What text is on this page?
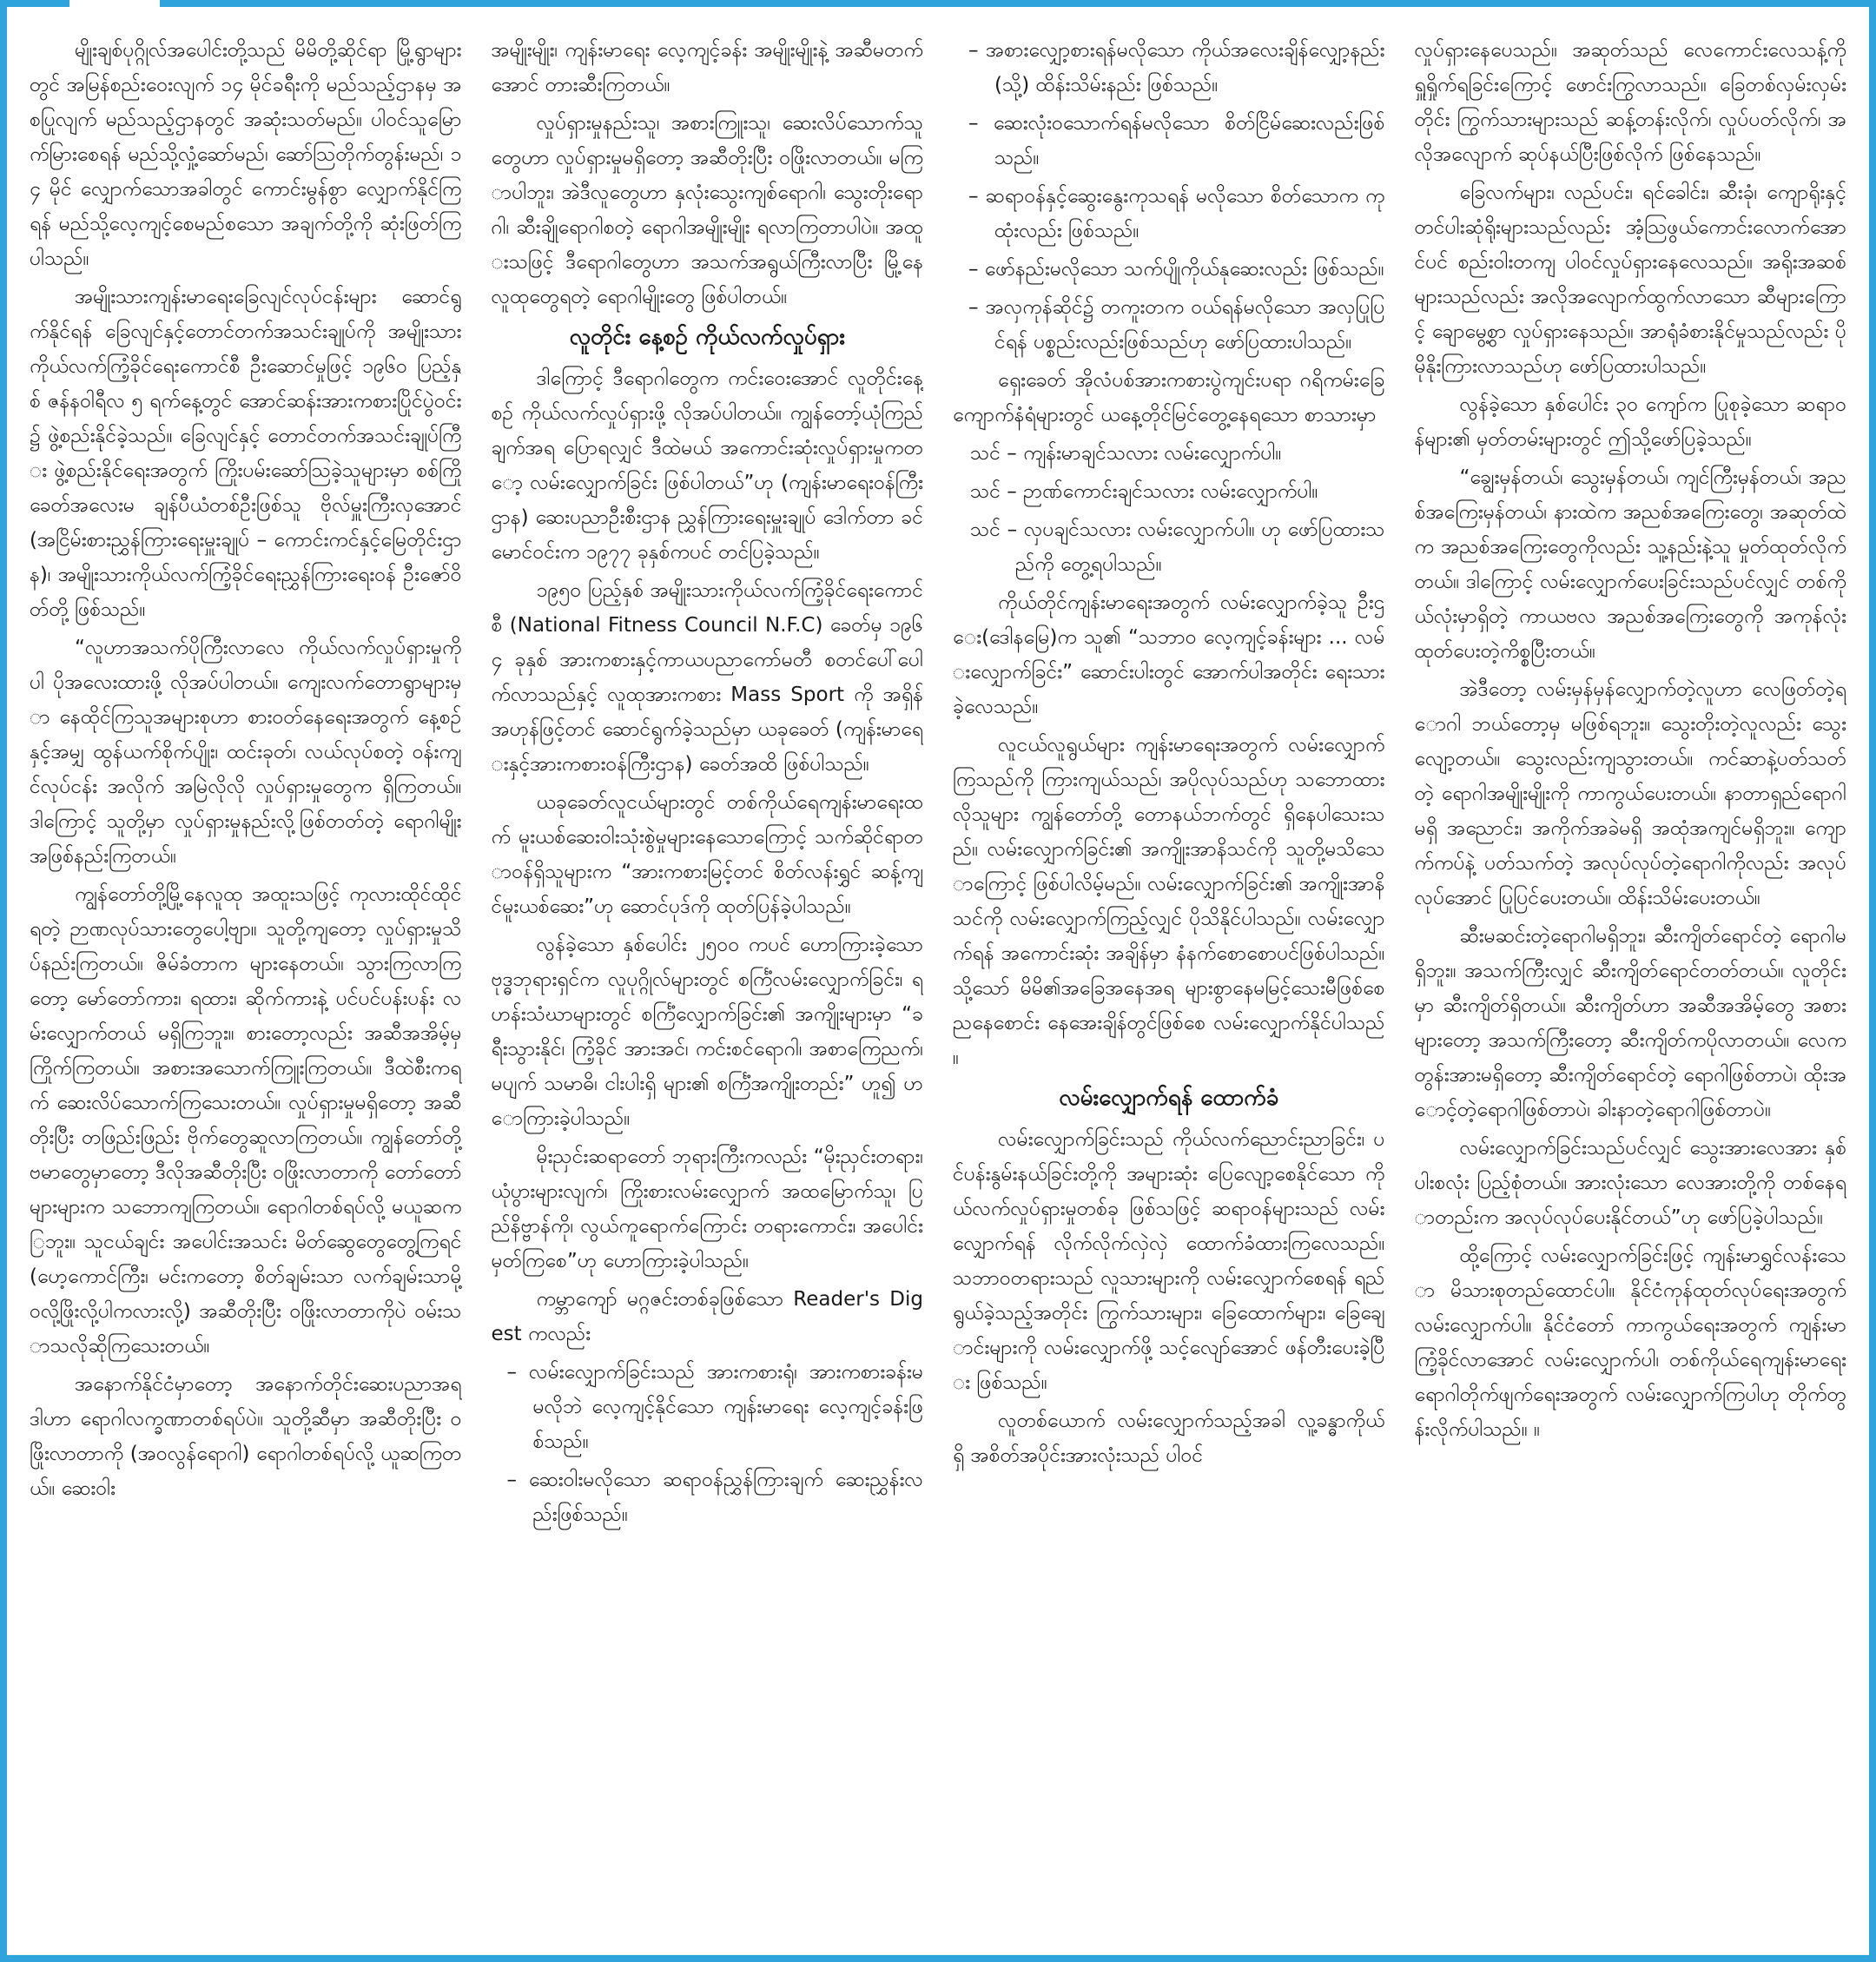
မျိုးချစ်ပုဂ္ဂိုလ်အပေါင်းတို့သည် မိမိတို့ဆိုင်ရာ မြို့ရွာများတွင် အမြန်စည်းဝေးလျက် ၁၄ မိုင်ခရီးကို မည်သည့်ဌာနမှ အစပြုလျက် မည်သည့်ဌာနတွင် အဆုံးသတ်မည်။ ပါဝင်သူမြောက်မြားစေရန် မည်သို့လှုံ့ဆော်မည်၊ ဆော်သြတိုက်တွန်းမည်၊ ၁၄ မိုင် လျှောက်သောအခါတွင် ကောင်းမွန်စွာ လျှောက်နိုင်ကြရန် မည်သို့လေ့ကျင့်စေမည်စသော အချက်တို့ကို ဆုံးဖြတ်ကြပါသည်။

အမျိုးသားကျန်းမာရေးခြေလျင်လုပ်ငန်းများ ဆောင်ရွက်နိုင်ရန် ခြေလျင်နှင့်တောင်တက်အသင်းချုပ်ကို အမျိုးသားကိုယ်လက်ကြံ့ခိုင်ရေးကောင်စီ ဦးဆောင်မှုဖြင့် ၁၉၆၀ ပြည့်နှစ် ဇန်နဝါရီလ ၅ ရက်နေ့တွင် အောင်ဆန်းအားကစားပြိုင်ပွဲဝင်း၌ ဖွဲ့စည်းနိုင်ခဲ့သည်။ ခြေလျင်နှင့် တောင်တက်အသင်းချုပ်ကြီး ဖွဲ့စည်းနိုင်ရေးအတွက် ကြိုးပမ်းဆော်သြခဲ့သူများမှာ စစ်ကြိုခေတ်အလေးမ ချန်ပီယံတစ်ဦးဖြစ်သူ ဗိုလ်မှူးကြီးလှအောင် (အငြိမ်းစားညွှန်ကြားရေးမှူးချုပ် – ကောင်းကင်နှင့်မြေတိုင်းဌာန)၊ အမျိုးသားကိုယ်လက်ကြံ့ခိုင်ရေးညွှန်ကြားရေးဝန် ဦးဇော်ဝိတ်တို့ ဖြစ်သည်။

“လူဟာအသက်ပိုကြီးလာလေ ကိုယ်လက်လှုပ်ရှားမှုကိုပါ ပိုအလေးထားဖို့ လိုအပ်ပါတယ်။ ကျေးလက်တောရွာများမှာ နေထိုင်ကြသူအများစုဟာ စားဝတ်နေရေးအတွက် နေ့စဉ်နှင့်အမျှ ထွန်ယက်စိုက်ပျိုး၊ ထင်းခုတ်၊ လယ်လုပ်စတဲ့ ဝန်းကျင်လုပ်ငန်း အလိုက် အမြဲလိုလို လှုပ်ရှားမှုတွေက ရှိကြတယ်။ ဒါကြောင့် သူတို့မှာ လှုပ်ရှားမှုနည်းလို့ဖြစ်တတ်တဲ့ ရောဂါမျိုး အဖြစ်နည်းကြတယ်။

ကျွန်တော်တို့မြို့နေလူထု အထူးသဖြင့် ကုလားထိုင်ထိုင်ရတဲ့ ဉာဏလုပ်သားတွေပေါ့ဗျာ။ သူတို့ကျတော့ လှုပ်ရှားမှုသိပ်နည်းကြတယ်။ ဇိမ်ခံတာက များနေတယ်။ သွားကြလာကြတော့ မော်တော်ကား၊ ရထား၊ ဆိုက်ကားနဲ့ ပင်ပင်ပန်းပန်း လမ်းလျှောက်တယ် မရှိကြဘူး။ စားတော့လည်း အဆီအအိမ့်မှ ကြိုက်ကြတယ်။ အစားအသောက်ကြူးကြတယ်။ ဒီထဲစီးကရက် ဆေးလိပ်သောက်ကြသေးတယ်။ လှုပ်ရှားမှုမရှိတော့ အဆီတိုးပြီး တဖြည်းဖြည်း ဗိုက်တွေဆူလာကြတယ်။ ကျွန်တော်တို့ ဗမာတွေမှာတော့ ဒီလိုအဆီတိုးပြီး ဝဖြိုးလာတာကို တော်တော်များများက သဘောကျကြတယ်။ ရောဂါတစ်ရပ်လို့ မယူဆကြဘူး။ သူငယ်ချင်း အပေါင်းအသင်း မိတ်ဆွေတွေတွေ့ကြရင် (ဟေ့ကောင်ကြီး၊ မင်းကတော့ စိတ်ချမ်းသာ လက်ချမ်းသာမို့ ဝလို့ဖြိုးလို့ပါကလားလို့) အဆီတိုးပြီး ဝဖြိုးလာတာကိုပဲ ဝမ်းသာသလိုဆိုကြသေးတယ်။

အနောက်နိုင်ငံမှာတော့ အနောက်တိုင်းဆေးပညာအရ ဒါဟာ ရောဂါလက္ခဏာတစ်ရပ်ပဲ။ သူတို့ဆီမှာ အဆီတိုးပြီး ဝဖြိုးလာတာကို (အဝလွန်ရောဂါ) ရောဂါတစ်ရပ်လို့ ယူဆကြတယ်။ ဆေးဝါး

အမျိုးမျိုး၊ ကျန်းမာရေး လေ့ကျင့်ခန်း အမျိုးမျိုးနဲ့ အဆီမတက်အောင် တားဆီးကြတယ်။

လှုပ်ရှားမှုနည်းသူ၊ အစားကြူးသူ၊ ဆေးလိပ်သောက်သူတွေဟာ လှုပ်ရှားမှုမရှိတော့ အဆီတိုးပြီး ဝဖြိုးလာတယ်။ မကြာပါဘူး၊ အဲဒီလူတွေဟာ နှလုံးသွေးကျစ်ရောဂါ၊ သွေးတိုးရောဂါ၊ ဆီးချိုရောဂါစတဲ့ ရောဂါအမျိုးမျိုး ရလာကြတာပါပဲ။ အထူးသဖြင့် ဒီရောဂါတွေဟာ အသက်အရွယ်ကြီးလာပြီး မြို့နေလူထုတွေရတဲ့ ရောဂါမျိုးတွေ ဖြစ်ပါတယ်။

လူတိုင်း နေ့စဉ် ကိုယ်လက်လှုပ်ရှား

ဒါကြောင့် ဒီရောဂါတွေက ကင်းဝေးအောင် လူတိုင်းနေ့စဉ် ကိုယ်လက်လှုပ်ရှားဖို့ လိုအပ်ပါတယ်။ ကျွန်တော့်ယုံကြည်ချက်အရ ပြောရလျှင် ဒီထဲမယ် အကောင်းဆုံးလှုပ်ရှားမှုကတော့ လမ်းလျှောက်ခြင်း ဖြစ်ပါတယ်”ဟု (ကျန်းမာရေးဝန်ကြီးဌာန) ဆေးပညာဦးစီးဌာန ညွှန်ကြားရေးမှူးချုပ် ဒေါက်တာ ခင်မောင်ဝင်းက ၁၉၇၇ ခုနှစ်ကပင် တင်ပြခဲ့သည်။

၁၉၅၀ ပြည့်နှစ် အမျိုးသားကိုယ်လက်ကြံ့ခိုင်ရေးကောင်စီ (National Fitness Council N.F.C) ခေတ်မှ ၁၉၆၄ ခုနှစ် အားကစားနှင့်ကာယပညာကော်မတီ စတင်ပေါ်ပေါက်လာသည်နှင့် လူထုအားကစား Mass Sport ကို အရှိန်အဟုန်ဖြင့်တင် ဆောင်ရွက်ခဲ့သည်မှာ ယခုခေတ် (ကျန်းမာရေးနှင့်အားကစားဝန်ကြီးဌာန) ခေတ်အထိ ဖြစ်ပါသည်။

ယခုခေတ်လူငယ်များတွင် တစ်ကိုယ်ရေကျန်းမာရေးထက် မူးယစ်ဆေးဝါးသုံးစွဲမှုများနေသောကြောင့် သက်ဆိုင်ရာတာဝန်ရှိသူများက “အားကစားမြင့်တင် စိတ်လန်းရွှင် ဆန့်ကျင်မူးယစ်ဆေး”ဟု ဆောင်ပုဒ်ကို ထုတ်ပြန်ခဲ့ပါသည်။

လွန်ခဲ့သော နှစ်ပေါင်း ၂၅၀၀ ကပင် ဟောကြားခဲ့သော ဗုဒ္ဓဘုရားရှင်က လူပုဂ္ဂိုလ်များတွင် စင်္ကြံလမ်းလျှောက်ခြင်း၊ ရဟန်းသံဃာများတွင် စင်္ကြံလျှောက်ခြင်း၏ အကျိုးများမှာ “ခရီးသွားနိုင်၊ ကြံ့ခိုင် အားအင်၊ ကင်းစင်ရောဂါ၊ အစာကြေညက်၊ မပျက် သမာဓိ၊ ငါးပါးရှိ များ၏ စင်္ကြံအကျိုးတည်း” ဟူ၍ ဟောကြားခဲ့ပါသည်။

မိုးညှင်းဆရာတော် ဘုရားကြီးကလည်း “မိုးညှင်းတရား၊ ယုံပွားများလျက်၊ ကြိုးစားလမ်းလျှောက် အထမြောက်သူ၊ ပြည်နိဗ္ဗာန်ကို၊ လွယ်ကူရောက်ကြောင်း တရားကောင်း၊ အပေါင်းမှတ်ကြစေ”ဟု ဟောကြားခဲ့ပါသည်။

ကမ္ဘာကျော် မဂ္ဂဇင်းတစ်ခုဖြစ်သော Reader's Digest ကလည်း

– လမ်းလျှောက်ခြင်းသည် အားကစားရုံ၊ အားကစားခန်းမ မလိုဘဲ လေ့ကျင့်နိုင်သော ကျန်းမာရေး လေ့ကျင့်ခန်းဖြစ်သည်။

– ဆေးဝါးမလိုသော ဆရာဝန်ညွှန်ကြားချက် ဆေးညွှန်းလည်းဖြစ်သည်။

– အစားလျှော့စားရန်မလိုသော ကိုယ်အလေးချိန်လျှော့နည်း (သို့) ထိန်းသိမ်းနည်း ဖြစ်သည်။

– ဆေးလုံးဝသောက်ရန်မလိုသော စိတ်ငြိမ်ဆေးလည်းဖြစ်သည်။

– ဆရာဝန်နှင့်ဆွေးနွေးကုသရန် မလိုသော စိတ်သောက ကုထုံးလည်း ဖြစ်သည်။

– ဖော်နည်းမလိုသော သက်ပျိုကိုယ်နုဆေးလည်း ဖြစ်သည်။

– အလှကုန်ဆိုင်၌ တကူးတက ဝယ်ရန်မလိုသော အလှပြုပြင်ရန် ပစ္စည်းလည်းဖြစ်သည်ဟု ဖော်ပြထားပါသည်။

ရှေးခေတ် အိုလံပစ်အားကစားပွဲကျင်းပရာ ဂရိကမ်းခြေကျောက်နံရံများတွင် ယနေ့တိုင်မြင်တွေ့နေရသော စာသားမှာ

သင် – ကျန်းမာချင်သလား လမ်းလျှောက်ပါ။

သင် – ဉာဏ်ကောင်းချင်သလား လမ်းလျှောက်ပါ။

သင် – လှပချင်သလား လမ်းလျှောက်ပါ။ ဟု ဖော်ပြထားသည်ကို တွေ့ရပါသည်။

ကိုယ်တိုင်ကျန်းမာရေးအတွက် လမ်းလျှောက်ခဲ့သူ ဦးဌေး(ဒေါနမြေ)က သူ၏ “သဘာဝ လေ့ကျင့်ခန်းများ ... လမ်းလျှောက်ခြင်း” ဆောင်းပါးတွင် အောက်ပါအတိုင်း ရေးသားခဲ့လေသည်။

လူငယ်လူရွယ်များ ကျန်းမာရေးအတွက် လမ်းလျှောက်ကြသည်ကို ကြားကျယ်သည်၊ အပိုလုပ်သည်ဟု သဘောထားလိုသူများ ကျွန်တော်တို့ တောနယ်ဘက်တွင် ရှိနေပါသေးသည်။ လမ်းလျှောက်ခြင်း၏ အကျိုးအာနိသင်ကို သူတို့မသိသောကြောင့် ဖြစ်ပါလိမ့်မည်။ လမ်းလျှောက်ခြင်း၏ အကျိုးအာနိသင်ကို လမ်းလျှောက်ကြည့်လျှင် ပိုသိနိုင်ပါသည်။ လမ်းလျှောက်ရန် အကောင်းဆုံး အချိန်မှာ နံနက်စောစောပင်ဖြစ်ပါသည်။ သို့သော် မိမိ၏အခြေအနေအရ များစွာနေမမြင့်သေးမီဖြစ်စေ ညနေစောင်း နေအေးချိန်တွင်ဖြစ်စေ လမ်းလျှောက်နိုင်ပါသည်။

လမ်းလျှောက်ရန် ထောက်ခံ

လမ်းလျှောက်ခြင်းသည် ကိုယ်လက်ညောင်းညာခြင်း၊ ပင်ပန်းနွမ်းနယ်ခြင်းတို့ကို အများဆုံး ပြေလျော့စေနိုင်သော ကိုယ်လက်လှုပ်ရှားမှုတစ်ခု ဖြစ်သဖြင့် ဆရာဝန်များသည် လမ်းလျှောက်ရန် လိုက်လိုက်လှဲလှဲ ထောက်ခံထားကြလေသည်။ သဘာဝတရားသည် လူသားများကို လမ်းလျှောက်စေရန် ရည်ရွယ်ခဲ့သည့်အတိုင်း ကြွက်သားများ၊ ခြေထောက်များ၊ ခြေချောင်းများကို လမ်းလျှောက်ဖို့ သင့်လျော်အောင် ဖန်တီးပေးခဲ့ပြီး ဖြစ်သည်။

လူတစ်ယောက် လမ်းလျှောက်သည့်အခါ လူ့ခန္ဓာကိုယ်ရှိ အစိတ်အပိုင်းအားလုံးသည် ပါဝင်

လှုပ်ရှားနေပေသည်။ အဆုတ်သည် လေကောင်းလေသန့်ကို ရှူရှိုက်ရခြင်းကြောင့် ဖောင်းကြွလာသည်။ ခြေတစ်လှမ်းလှမ်းတိုင်း ကြွက်သားများသည် ဆန့်တန်းလိုက်၊ လှုပ်ပတ်လိုက်၊ အလိုအလျောက် ဆုပ်နယ်ပြီးဖြစ်လိုက် ဖြစ်နေသည်။

ခြေလက်များ၊ လည်ပင်း၊ ရင်ခေါင်း၊ ဆီးခုံ၊ ကျောရိုးနှင့် တင်ပါးဆုံရိုးများသည်လည်း အံ့သြဖွယ်ကောင်းလောက်အောင်ပင် စည်းဝါးတကျ ပါဝင်လှုပ်ရှားနေလေသည်။ အရိုးအဆစ်များသည်လည်း အလိုအလျောက်ထွက်လာသော ဆီများကြောင့် ချောမွေ့စွာ လှုပ်ရှားနေသည်။ အာရုံခံစားနိုင်မှုသည်လည်း ပိုမိုနိုးကြားလာသည်ဟု ဖော်ပြထားပါသည်။

လွန်ခဲ့သော နှစ်ပေါင်း ၃၀ ကျော်က ပြုစုခဲ့သော ဆရာဝန်များ၏ မှတ်တမ်းများတွင် ဤသို့ဖော်ပြခဲ့သည်။

“ချွေးမှန်တယ်၊ သွေးမှန်တယ်၊ ကျင်ကြီးမှန်တယ်၊ အညစ်အကြေးမှန်တယ်၊ နားထဲက အညစ်အကြေးတွေ၊ အဆုတ်ထဲက အညစ်အကြေးတွေကိုလည်း သူ့နည်းနဲ့သူ မှုတ်ထုတ်လိုက်တယ်။ ဒါကြောင့် လမ်းလျှောက်ပေးခြင်းသည်ပင်လျှင် တစ်ကိုယ်လုံးမှာရှိတဲ့ ကာယဗလ အညစ်အကြေးတွေကို အကုန်လုံး ထုတ်ပေးတဲ့ကိစ္စပြီးတယ်။

အဲဒီတော့ လမ်းမှန်မှန်လျှောက်တဲ့လူဟာ လေဖြတ်တဲ့ရောဂါ ဘယ်တော့မှ မဖြစ်ရဘူး။ သွေးတိုးတဲ့လူလည်း သွေးလျော့တယ်။ သွေးလည်းကျသွားတယ်။ ကင်ဆာနဲ့ပတ်သတ်တဲ့ ရောဂါအမျိုးမျိုးကို ကာကွယ်ပေးတယ်။ နာတာရှည်ရောဂါမရှိ အညောင်း၊ အကိုက်အခဲမရှိ အထုံအကျင်မရှိဘူး။ ကျောက်ကပ်နဲ့ ပတ်သက်တဲ့ အလုပ်လုပ်တဲ့ရောဂါကိုလည်း အလုပ်လုပ်အောင် ပြုပြင်ပေးတယ်။ ထိန်းသိမ်းပေးတယ်။

ဆီးမဆင်းတဲ့ရောဂါမရှိဘူး၊ ဆီးကျိတ်ရောင်တဲ့ ရောဂါမရှိဘူး။ အသက်ကြီးလျှင် ဆီးကျိတ်ရောင်တတ်တယ်။ လူတိုင်းမှာ ဆီးကျိတ်ရှိတယ်။ ဆီးကျိတ်ဟာ အဆီအအိမ့်တွေ အစားများတော့ အသက်ကြီးတော့ ဆီးကျိတ်ကပိုလာတယ်။ လေကတွန်းအားမရှိတော့ ဆီးကျိတ်ရောင်တဲ့ ရောဂါဖြစ်တာပဲ၊ ထိုးအောင့်တဲ့ရောဂါဖြစ်တာပဲ၊ ခါးနာတဲ့ရောဂါဖြစ်တာပဲ။

လမ်းလျှောက်ခြင်းသည်ပင်လျှင် သွေးအားလေအား နှစ်ပါးစလုံး ပြည့်စုံတယ်။ အားလုံးသော လေအားတို့ကို တစ်နေရာတည်းက အလုပ်လုပ်ပေးနိုင်တယ်”ဟု ဖော်ပြခဲ့ပါသည်။

ထို့ကြောင့် လမ်းလျှောက်ခြင်းဖြင့် ကျန်းမာရွှင်လန်းသော မိသားစုတည်ထောင်ပါ။ နိုင်ငံကုန်ထုတ်လုပ်ရေးအတွက် လမ်းလျှောက်ပါ။ နိုင်ငံတော် ကာကွယ်ရေးအတွက် ကျန်းမာကြံ့ခိုင်လာအောင် လမ်းလျှောက်ပါ၊ တစ်ကိုယ်ရေကျန်းမာရေး ရောဂါတိုက်ဖျက်ရေးအတွက် လမ်းလျှောက်ကြပါဟု တိုက်တွန်းလိုက်ပါသည်။ ။
